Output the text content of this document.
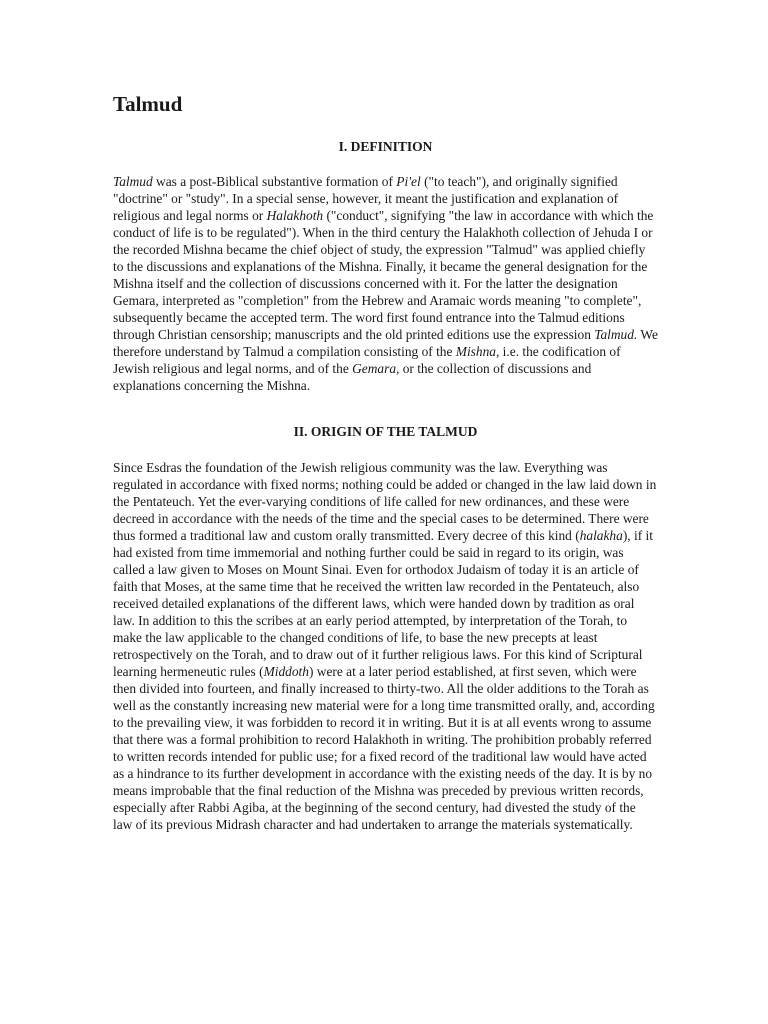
Talmud
I. DEFINITION

Talmud was a post-Biblical substantive formation of Pi'el ("to teach"), and originally signified "doctrine" or "study". In a special sense, however, it meant the justification and explanation of religious and legal norms or Halakhoth ("conduct", signifying "the law in accordance with which the conduct of life is to be regulated"). When in the third century the Halakhoth collection of Jehuda I or the recorded Mishna became the chief object of study, the expression "Talmud" was applied chiefly to the discussions and explanations of the Mishna. Finally, it became the general designation for the Mishna itself and the collection of discussions concerned with it. For the latter the designation Gemara, interpreted as "completion" from the Hebrew and Aramaic words meaning "to complete", subsequently became the accepted term. The word first found entrance into the Talmud editions through Christian censorship; manuscripts and the old printed editions use the expression Talmud. We therefore understand by Talmud a compilation consisting of the Mishna, i.e. the codification of Jewish religious and legal norms, and of the Gemara, or the collection of discussions and explanations concerning the Mishna.

II. ORIGIN OF THE TALMUD

Since Esdras the foundation of the Jewish religious community was the law. Everything was regulated in accordance with fixed norms; nothing could be added or changed in the law laid down in the Pentateuch. Yet the ever-varying conditions of life called for new ordinances, and these were decreed in accordance with the needs of the time and the special cases to be determined. There were thus formed a traditional law and custom orally transmitted. Every decree of this kind (halakha), if it had existed from time immemorial and nothing further could be said in regard to its origin, was called a law given to Moses on Mount Sinai. Even for orthodox Judaism of today it is an article of faith that Moses, at the same time that he received the written law recorded in the Pentateuch, also received detailed explanations of the different laws, which were handed down by tradition as oral law. In addition to this the scribes at an early period attempted, by interpretation of the Torah, to make the law applicable to the changed conditions of life, to base the new precepts at least retrospectively on the Torah, and to draw out of it further religious laws. For this kind of Scriptural learning hermeneutic rules (Middoth) were at a later period established, at first seven, which were then divided into fourteen, and finally increased to thirty-two. All the older additions to the Torah as well as the constantly increasing new material were for a long time transmitted orally, and, according to the prevailing view, it was forbidden to record it in writing. But it is at all events wrong to assume that there was a formal prohibition to record Halakhoth in writing. The prohibition probably referred to written records intended for public use; for a fixed record of the traditional law would have acted as a hindrance to its further development in accordance with the existing needs of the day. It is by no means improbable that the final reduction of the Mishna was preceded by previous written records, especially after Rabbi Agiba, at the beginning of the second century, had divested the study of the law of its previous Midrash character and had undertaken to arrange the materials systematically.
